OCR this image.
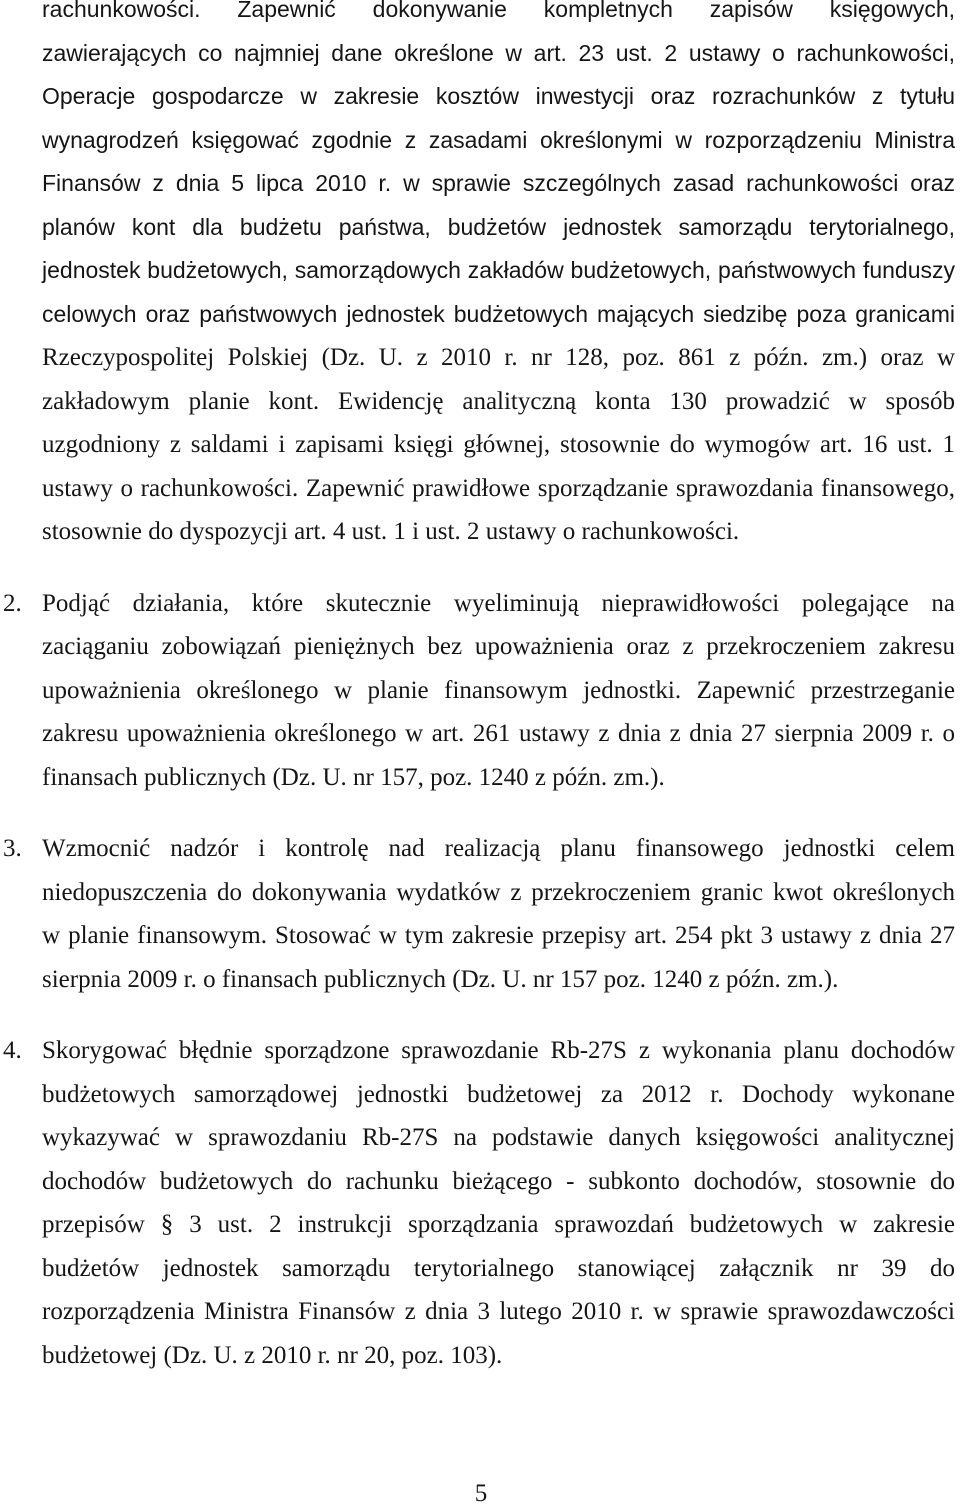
rachunkowości. Zapewnić dokonywanie kompletnych zapisów księgowych,
zawierających co najmniej dane określone w art. 23 ust. 2 ustawy o rachunkowości,
Operacje gospodarcze w zakresie kosztów inwestycji oraz rozrachunków z tytułu
wynagrodzeń księgować zgodnie z zasadami określonymi w rozporządzeniu Ministra
Finansów z dnia 5 lipca 2010 r. w sprawie szczególnych zasad rachunkowości oraz
planów kont dla budżetu państwa, budżetów jednostek samorządu terytorialnego,
jednostek budżetowych, samorządowych zakładów budżetowych, państwowych funduszy
celowych oraz państwowych jednostek budżetowych mających siedzibę poza granicami
Rzeczypospolitej Polskiej (Dz. U. z 2010 r. nr 128, poz. 861 z późn. zm.) oraz w
zakładowym planie kont. Ewidencję analityczną konta 130 prowadzić w sposób
uzgodniony z saldami i zapisami księgi głównej, stosownie do wymogów art. 16 ust. 1
ustawy o rachunkowości. Zapewnić prawidłowe sporządzanie sprawozdania finansowego,
stosownie do dyspozycji art. 4 ust. 1 i ust. 2 ustawy o rachunkowości.
2. Podjąć działania, które skutecznie wyeliminują nieprawidłowości polegające na
zaciąganiu zobowiązań pieniężnych bez upoważnienia oraz z przekroczeniem zakresu
upoważnienia określonego w planie finansowym jednostki. Zapewnić przestrzeganie
zakresu upoważnienia określonego w art. 261 ustawy z dnia z dnia 27 sierpnia 2009 r. o
finansach publicznych (Dz. U. nr 157, poz. 1240 z późn. zm.).
3. Wzmocnić nadzór i kontrolę nad realizacją planu finansowego jednostki celem
niedopuszczenia do dokonywania wydatków z przekroczeniem granic kwot określonych
w planie finansowym. Stosować w tym zakresie przepisy art. 254 pkt 3 ustawy z dnia 27
sierpnia 2009 r. o finansach publicznych (Dz. U. nr 157 poz. 1240 z późn. zm.).
4. Skorygować błędnie sporządzone sprawozdanie Rb-27S z wykonania planu dochodów
budżetowych samorządowej jednostki budżetowej za 2012 r. Dochody wykonane
wykazywać w sprawozdaniu Rb-27S na podstawie danych księgowości analitycznej
dochodów budżetowych do rachunku bieżącego - subkonto dochodów, stosownie do
przepisów § 3 ust. 2 instrukcji sporządzania sprawozdań budżetowych w zakresie
budżetów jednostek samorządu terytorialnego stanowiącej załącznik nr 39 do
rozporządzenia Ministra Finansów z dnia 3 lutego 2010 r. w sprawie sprawozdawczości
budżetowej (Dz. U. z 2010 r. nr 20, poz. 103).
5
